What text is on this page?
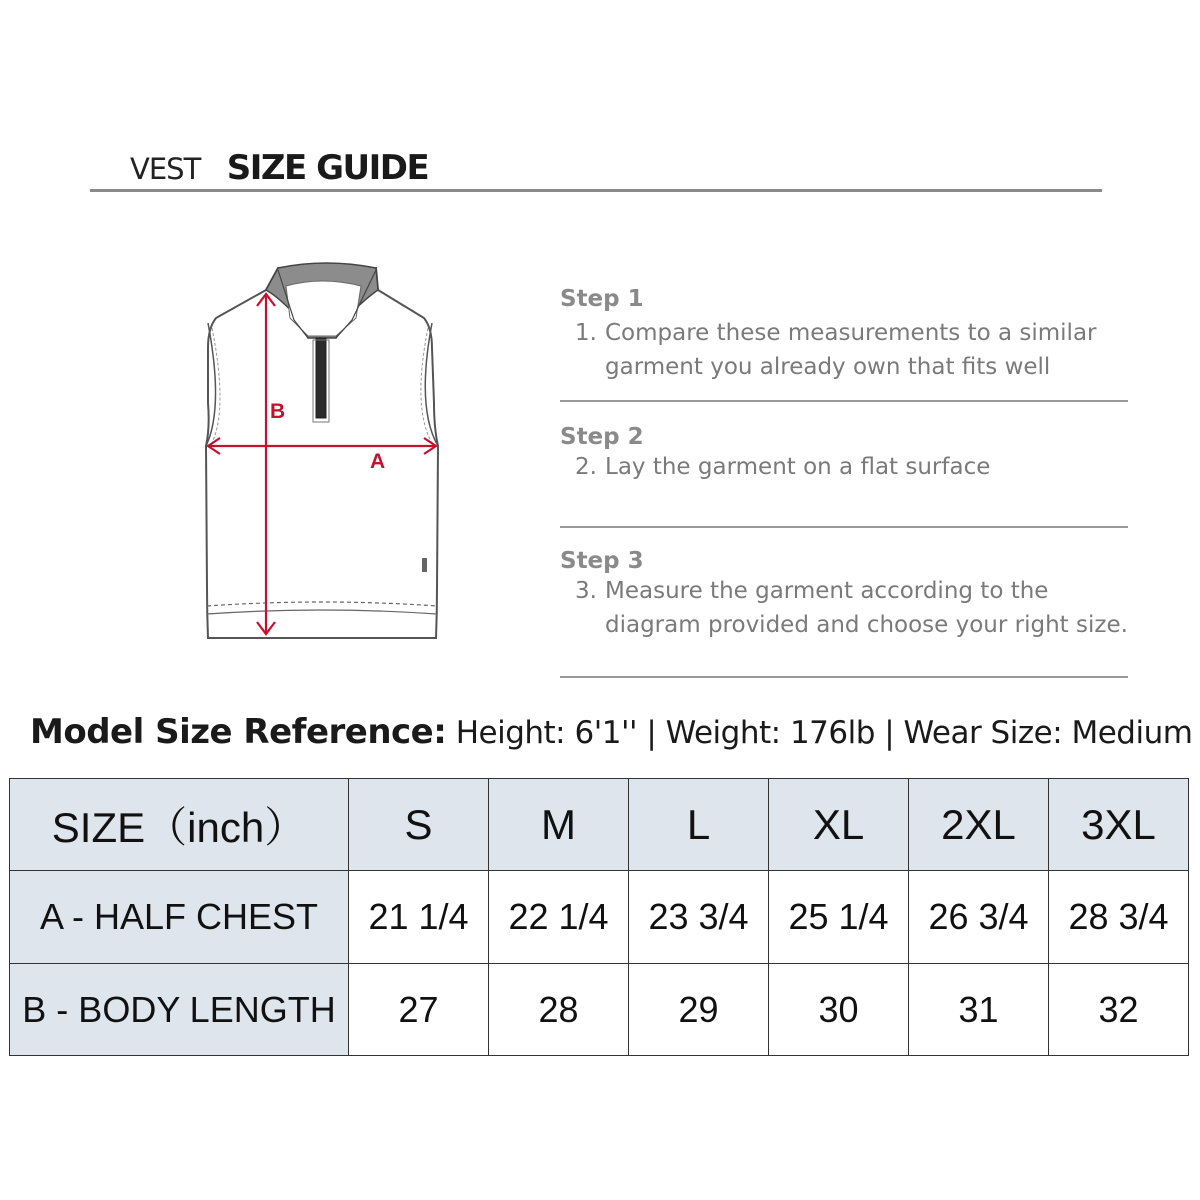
VEST SIZE GUIDE
B
A
Step 1
1. Compare these measurements to a similar
garment you already own that fits well
Step 2
2. Lay the garment on a flat surface
Step 3
3. Measure the garment according to the
diagram provided and choose your right size.
Model Size Reference: Height: 6'1'' | Weight: 176lb | Wear Size: Medium
SIZE（inch）	S	M	L	XL	2XL	3XL
A - HALF CHEST	21 1/4	22 1/4	23 3/4	25 1/4	26 3/4	28 3/4
B - BODY LENGTH	27	28	29	30	31	32
